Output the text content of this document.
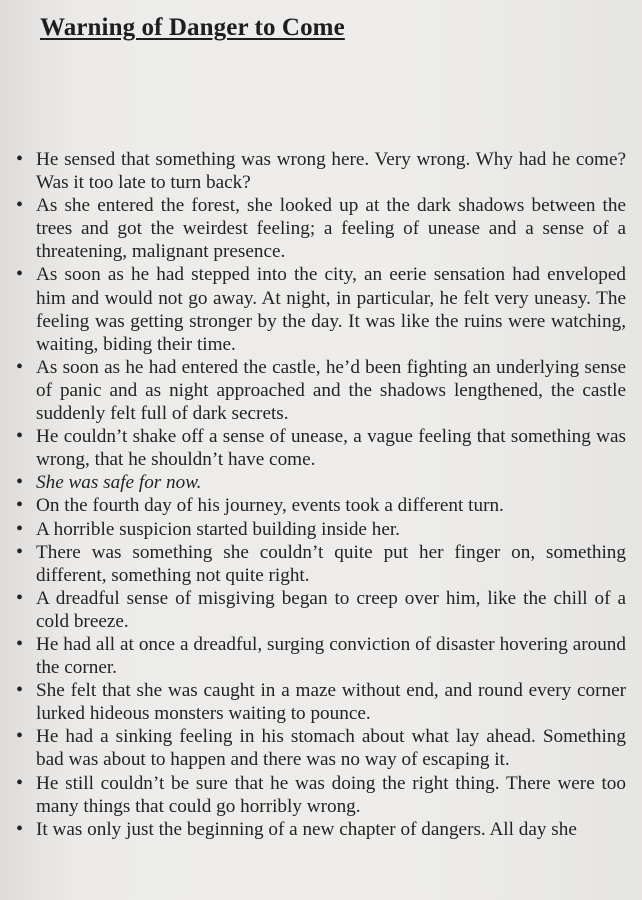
Warning of Danger to Come
• He sensed that something was wrong here. Very wrong. Why had he come? Was it too late to turn back?
• As she entered the forest, she looked up at the dark shadows between the trees and got the weirdest feeling; a feeling of unease and a sense of a threatening, malignant presence.
• As soon as he had stepped into the city, an eerie sensation had enveloped him and would not go away. At night, in particular, he felt very uneasy. The feeling was getting stronger by the day. It was like the ruins were watching, waiting, biding their time.
• As soon as he had entered the castle, he’d been fighting an underlying sense of panic and as night approached and the shadows lengthened, the castle suddenly felt full of dark secrets.
• He couldn’t shake off a sense of unease, a vague feeling that something was wrong, that he shouldn’t have come.
• She was safe for now.
• On the fourth day of his journey, events took a different turn.
• A horrible suspicion started building inside her.
• There was something she couldn’t quite put her finger on, something different, something not quite right.
• A dreadful sense of misgiving began to creep over him, like the chill of a cold breeze.
• He had all at once a dreadful, surging conviction of disaster hovering around the corner.
• She felt that she was caught in a maze without end, and round every corner lurked hideous monsters waiting to pounce.
• He had a sinking feeling in his stomach about what lay ahead. Something bad was about to happen and there was no way of escaping it.
• He still couldn’t be sure that he was doing the right thing. There were too many things that could go horribly wrong.
• It was only just the beginning of a new chapter of dangers. All day she
